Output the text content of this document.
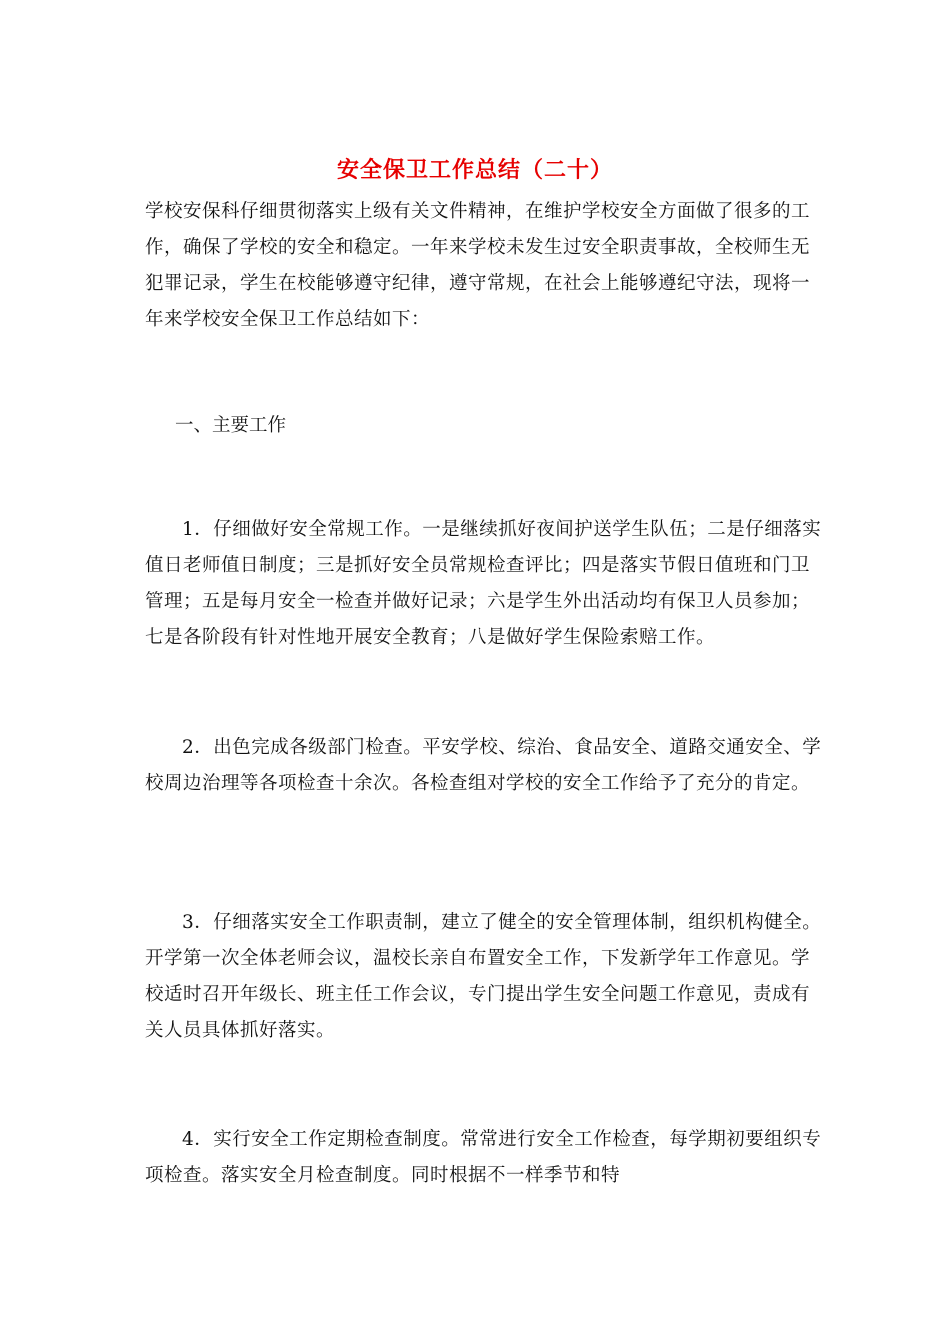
安全保卫工作总结（二十）

学校安保科仔细贯彻落实上级有关文件精神，在维护学校安全方面做了很多的工作，确保了学校的安全和稳定。一年来学校未发生过安全职责事故，全校师生无犯罪记录，学生在校能够遵守纪律，遵守常规，在社会上能够遵纪守法，现将一年来学校安全保卫工作总结如下：

一、主要工作

1．仔细做好安全常规工作。一是继续抓好夜间护送学生队伍；二是仔细落实值日老师值日制度；三是抓好安全员常规检查评比；四是落实节假日值班和门卫管理；五是每月安全一检查并做好记录；六是学生外出活动均有保卫人员参加；七是各阶段有针对性地开展安全教育；八是做好学生保险索赔工作。

2．出色完成各级部门检查。平安学校、综治、食品安全、道路交通安全、学校周边治理等各项检查十余次。各检查组对学校的安全工作给予了充分的肯定。

3．仔细落实安全工作职责制，建立了健全的安全管理体制，组织机构健全。开学第一次全体老师会议，温校长亲自布置安全工作，下发新学年工作意见。学校适时召开年级长、班主任工作会议，专门提出学生安全问题工作意见，责成有关人员具体抓好落实。

4．实行安全工作定期检查制度。常常进行安全工作检查，每学期初要组织专项检查。落实安全月检查制度。同时根据不一样季节和特
